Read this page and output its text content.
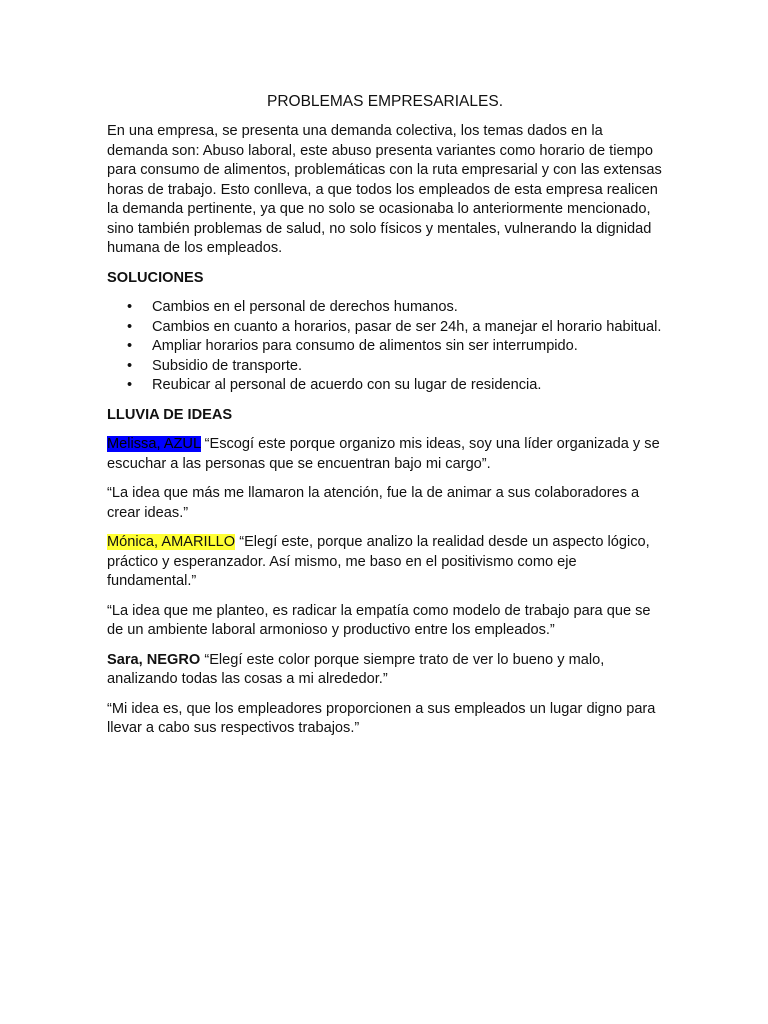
PROBLEMAS EMPRESARIALES.

En una empresa, se presenta una demanda colectiva, los temas dados en la demanda son: Abuso laboral, este abuso presenta variantes como horario de tiempo para consumo de alimentos, problemáticas con la ruta empresarial y con las extensas horas de trabajo. Esto conlleva, a que todos los empleados de esta empresa realicen la demanda pertinente, ya que no solo se ocasionaba lo anteriormente mencionado, sino también problemas de salud, no solo físicos y mentales, vulnerando la dignidad humana de los empleados.

SOLUCIONES
• Cambios en el personal de derechos humanos.
• Cambios en cuanto a horarios, pasar de ser 24h, a manejar el horario habitual.
• Ampliar horarios para consumo de alimentos sin ser interrumpido.
• Subsidio de transporte.
• Reubicar al personal de acuerdo con su lugar de residencia.
LLUVIA DE IDEAS

Melissa, AZUL “Escogí este porque organizo mis ideas, soy una líder organizada y se escuchar a las personas que se encuentran bajo mi cargo”.

“La idea que más me llamaron la atención, fue la de animar a sus colaboradores a crear ideas.”

Mónica, AMARILLO “Elegí este, porque analizo la realidad desde un aspecto lógico, práctico y esperanzador. Así mismo, me baso en el positivismo como eje fundamental.”

“La idea que me planteo, es radicar la empatía como modelo de trabajo para que se de un ambiente laboral armonioso y productivo entre los empleados.”

Sara, NEGRO “Elegí este color porque siempre trato de ver lo bueno y malo, analizando todas las cosas a mi alrededor.”

“Mi idea es, que los empleadores proporcionen a sus empleados un lugar digno para llevar a cabo sus respectivos trabajos.”
